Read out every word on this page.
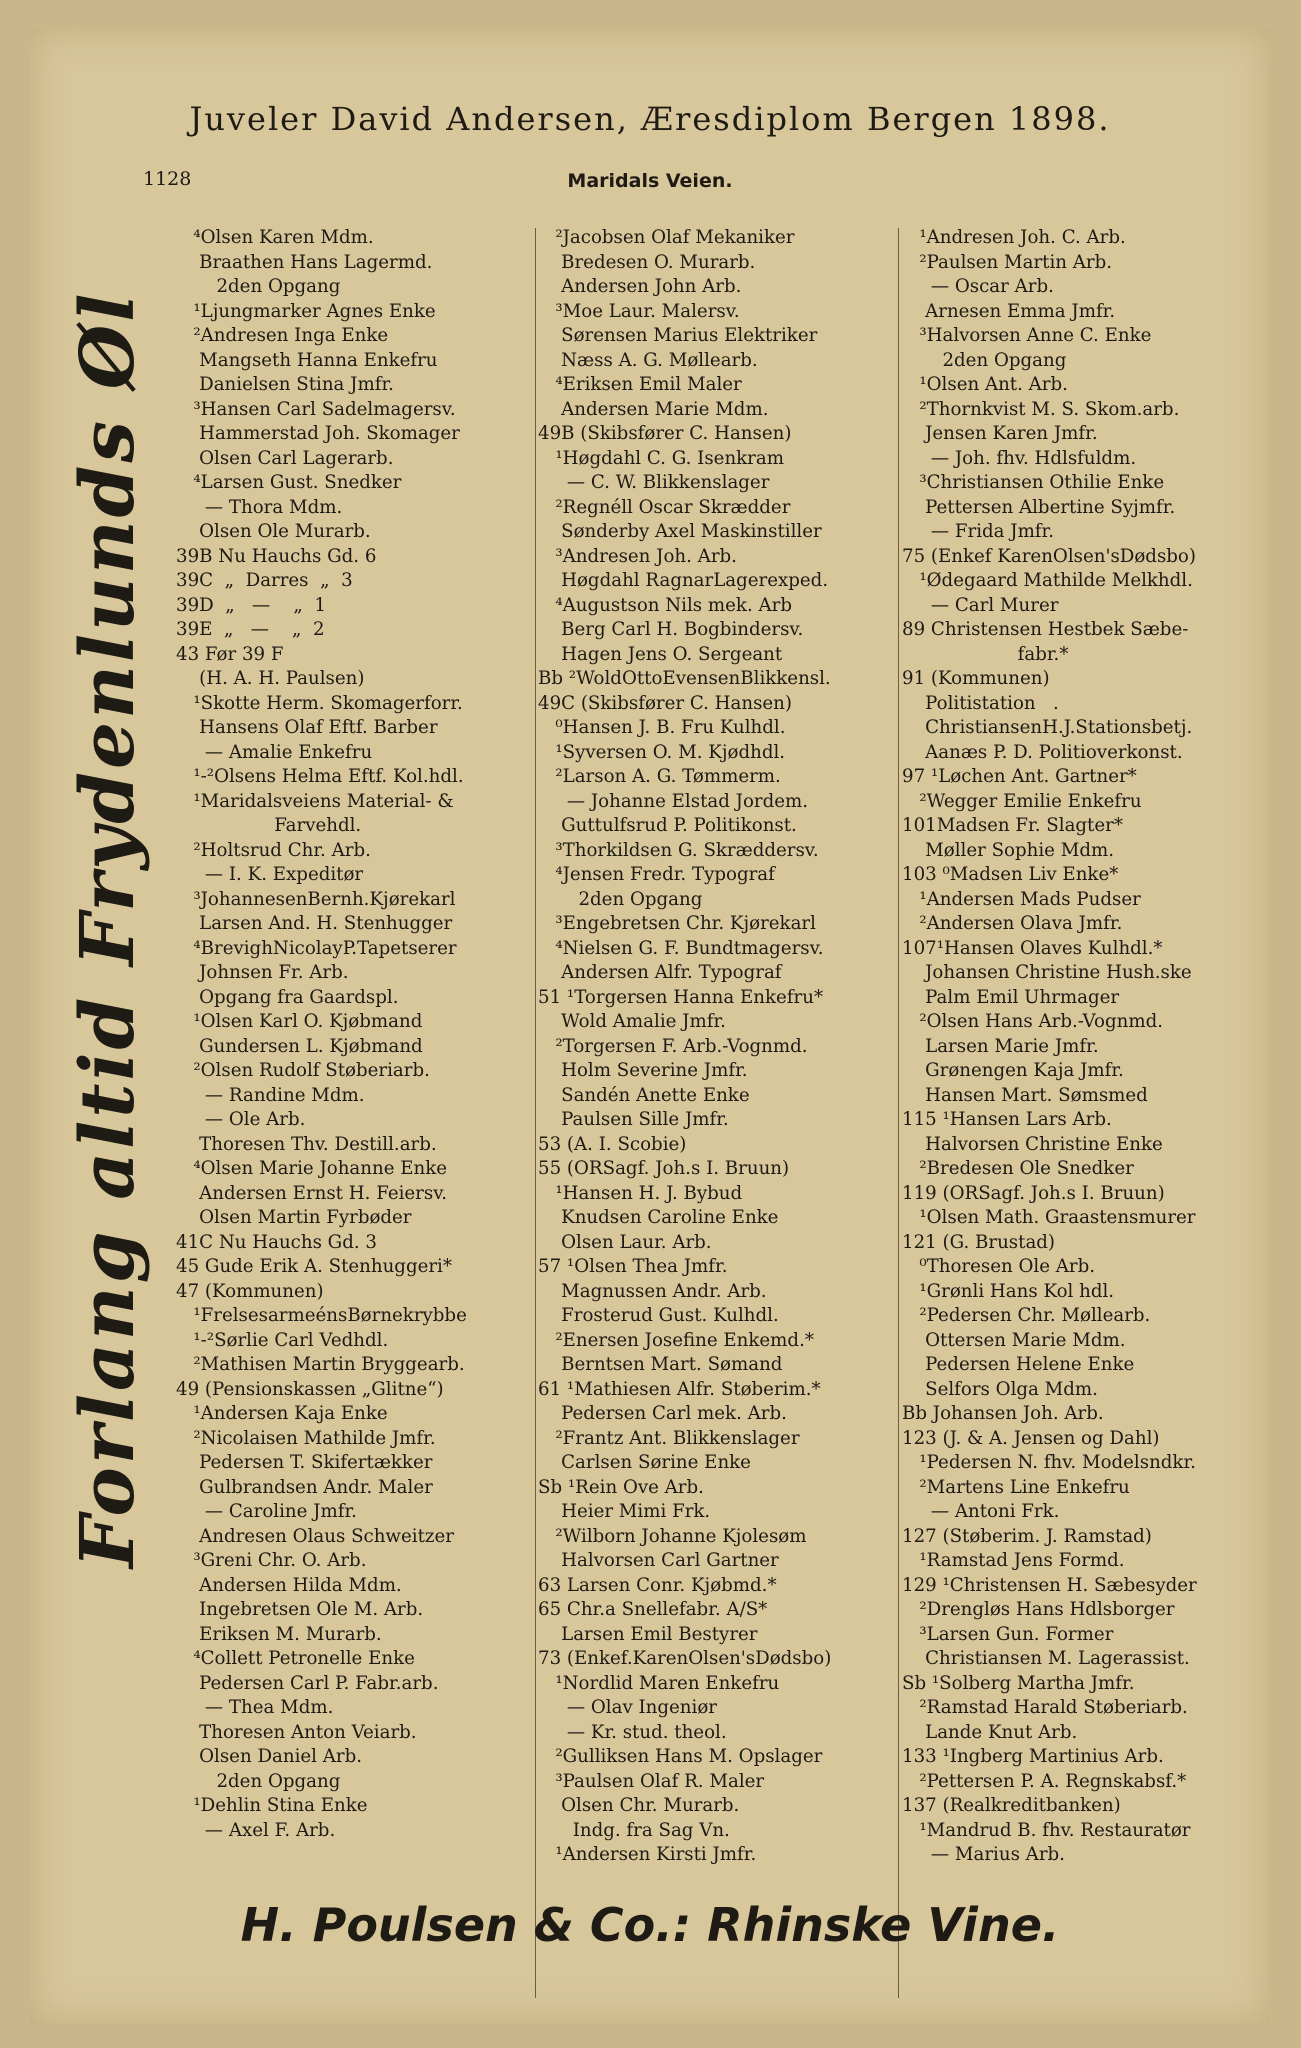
Juveler David Andersen, Æresdiplom Bergen 1898.
1128	Maridals Veien.
Forlang altid Frydenlunds Øl
⁴Olsen Karen Mdm.
Braathen Hans Lagermd.
2den Opgang
¹Ljungmarker Agnes Enke
²Andresen Inga Enke
Mangseth Hanna Enkefru
Danielsen Stina Jmfr.
³Hansen Carl Sadelmagersv.
Hammerstad Joh. Skomager
Olsen Carl Lagerarb.
⁴Larsen Gust. Snedker
— Thora Mdm.
Olsen Ole Murarb.
39B Nu Hauchs Gd. 6
39C  „  Darres  „  3
39D  „   —    „  1
39E  „   —    „  2
43 Før 39 F
(H. A. H. Paulsen)
¹Skotte Herm. Skomagerforr.
Hansens Olaf Eftf. Barber
— Amalie Enkefru
¹-²Olsens Helma Eftf. Kol.hdl.
¹Maridalsveiens Material- &
Farvehdl.
²Holtsrud Chr. Arb.
— I. K. Expeditør
³JohannesenBernh.Kjørekarl
Larsen And. H. Stenhugger
⁴BrevighNicolayP.Tapetserer
Johnsen Fr. Arb.
Opgang fra Gaardspl.
¹Olsen Karl O. Kjøbmand
Gundersen L. Kjøbmand
²Olsen Rudolf Støberiarb.
— Randine Mdm.
— Ole Arb.
Thoresen Thv. Destill.arb.
⁴Olsen Marie Johanne Enke
Andersen Ernst H. Feiersv.
Olsen Martin Fyrbøder
41C Nu Hauchs Gd. 3
45 Gude Erik A. Stenhuggeri*
47 (Kommunen)
¹FrelsesarmeénsBørnekrybbe
¹-²Sørlie Carl Vedhdl.
²Mathisen Martin Bryggearb.
49 (Pensionskassen „Glitne“)
¹Andersen Kaja Enke
²Nicolaisen Mathilde Jmfr.
Pedersen T. Skifertækker
Gulbrandsen Andr. Maler
— Caroline Jmfr.
Andresen Olaus Schweitzer
³Greni Chr. O. Arb.
Andersen Hilda Mdm.
Ingebretsen Ole M. Arb.
Eriksen M. Murarb.
⁴Collett Petronelle Enke
Pedersen Carl P. Fabr.arb.
— Thea Mdm.
Thoresen Anton Veiarb.
Olsen Daniel Arb.
2den Opgang
¹Dehlin Stina Enke
— Axel F. Arb.
²Jacobsen Olaf Mekaniker
Bredesen O. Murarb.
Andersen John Arb.
³Moe Laur. Malersv.
Sørensen Marius Elektriker
Næss A. G. Møllearb.
⁴Eriksen Emil Maler
Andersen Marie Mdm.
49B (Skibsfører C. Hansen)
¹Høgdahl C. G. Isenkram
— C. W. Blikkenslager
²Regnéll Oscar Skrædder
Sønderby Axel Maskinstiller
³Andresen Joh. Arb.
Høgdahl RagnarLagerexped.
⁴Augustson Nils mek. Arb
Berg Carl H. Bogbindersv.
Hagen Jens O. Sergeant
Bb ²WoldOttoEvensenBlikkensl.
49C (Skibsfører C. Hansen)
⁰Hansen J. B. Fru Kulhdl.
¹Syversen O. M. Kjødhdl.
²Larson A. G. Tømmerm.
— Johanne Elstad Jordem.
Guttulfsrud P. Politikonst.
³Thorkildsen G. Skræddersv.
⁴Jensen Fredr. Typograf
2den Opgang
³Engebretsen Chr. Kjørekarl
⁴Nielsen G. F. Bundtmagersv.
Andersen Alfr. Typograf
51 ¹Torgersen Hanna Enkefru*
Wold Amalie Jmfr.
²Torgersen F. Arb.-Vognmd.
Holm Severine Jmfr.
Sandén Anette Enke
Paulsen Sille Jmfr.
53 (A. I. Scobie)
55 (ORSagf. Joh.s I. Bruun)
¹Hansen H. J. Bybud
Knudsen Caroline Enke
Olsen Laur. Arb.
57 ¹Olsen Thea Jmfr.
Magnussen Andr. Arb.
Frosterud Gust. Kulhdl.
²Enersen Josefine Enkemd.*
Berntsen Mart. Sømand
61 ¹Mathiesen Alfr. Støberim.*
Pedersen Carl mek. Arb.
²Frantz Ant. Blikkenslager
Carlsen Sørine Enke
Sb ¹Rein Ove Arb.
Heier Mimi Frk.
²Wilborn Johanne Kjolesøm
Halvorsen Carl Gartner
63 Larsen Conr. Kjøbmd.*
65 Chr.a Snellefabr. A/S*
Larsen Emil Bestyrer
73 (Enkef.KarenOlsen'sDødsbo)
¹Nordlid Maren Enkefru
— Olav Ingeniør
— Kr. stud. theol.
²Gulliksen Hans M. Opslager
³Paulsen Olaf R. Maler
Olsen Chr. Murarb.
Indg. fra Sag Vn.
¹Andersen Kirsti Jmfr.
¹Andresen Joh. C. Arb.
²Paulsen Martin Arb.
— Oscar Arb.
Arnesen Emma Jmfr.
³Halvorsen Anne C. Enke
2den Opgang
¹Olsen Ant. Arb.
²Thornkvist M. S. Skom.arb.
Jensen Karen Jmfr.
— Joh. fhv. Hdlsfuldm.
³Christiansen Othilie Enke
Pettersen Albertine Syjmfr.
— Frida Jmfr.
75 (Enkef KarenOlsen'sDødsbo)
¹Ødegaard Mathilde Melkhdl.
— Carl Murer
89 Christensen Hestbek Sæbe-
fabr.*
91 (Kommunen)
Politistation   .
ChristiansenH.J.Stationsbetj.
Aanæs P. D. Politioverkonst.
97 ¹Løchen Ant. Gartner*
²Wegger Emilie Enkefru
101Madsen Fr. Slagter*
Møller Sophie Mdm.
103 ⁰Madsen Liv Enke*
¹Andersen Mads Pudser
²Andersen Olava Jmfr.
107¹Hansen Olaves Kulhdl.*
Johansen Christine Hush.ske
Palm Emil Uhrmager
²Olsen Hans Arb.-Vognmd.
Larsen Marie Jmfr.
Grønengen Kaja Jmfr.
Hansen Mart. Sømsmed
115 ¹Hansen Lars Arb.
Halvorsen Christine Enke
²Bredesen Ole Snedker
119 (ORSagf. Joh.s I. Bruun)
¹Olsen Math. Graastensmurer
121 (G. Brustad)
⁰Thoresen Ole Arb.
¹Grønli Hans Kol hdl.
²Pedersen Chr. Møllearb.
Ottersen Marie Mdm.
Pedersen Helene Enke
Selfors Olga Mdm.
Bb Johansen Joh. Arb.
123 (J. & A. Jensen og Dahl)
¹Pedersen N. fhv. Modelsndkr.
²Martens Line Enkefru
— Antoni Frk.
127 (Støberim. J. Ramstad)
¹Ramstad Jens Formd.
129 ¹Christensen H. Sæbesyder
²Drengløs Hans Hdlsborger
³Larsen Gun. Former
Christiansen M. Lagerassist.
Sb ¹Solberg Martha Jmfr.
²Ramstad Harald Støberiarb.
Lande Knut Arb.
133 ¹Ingberg Martinius Arb.
²Pettersen P. A. Regnskabsf.*
137 (Realkreditbanken)
¹Mandrud B. fhv. Restauratør
— Marius Arb.
H. Poulsen & Co.: Rhinske Vine.
